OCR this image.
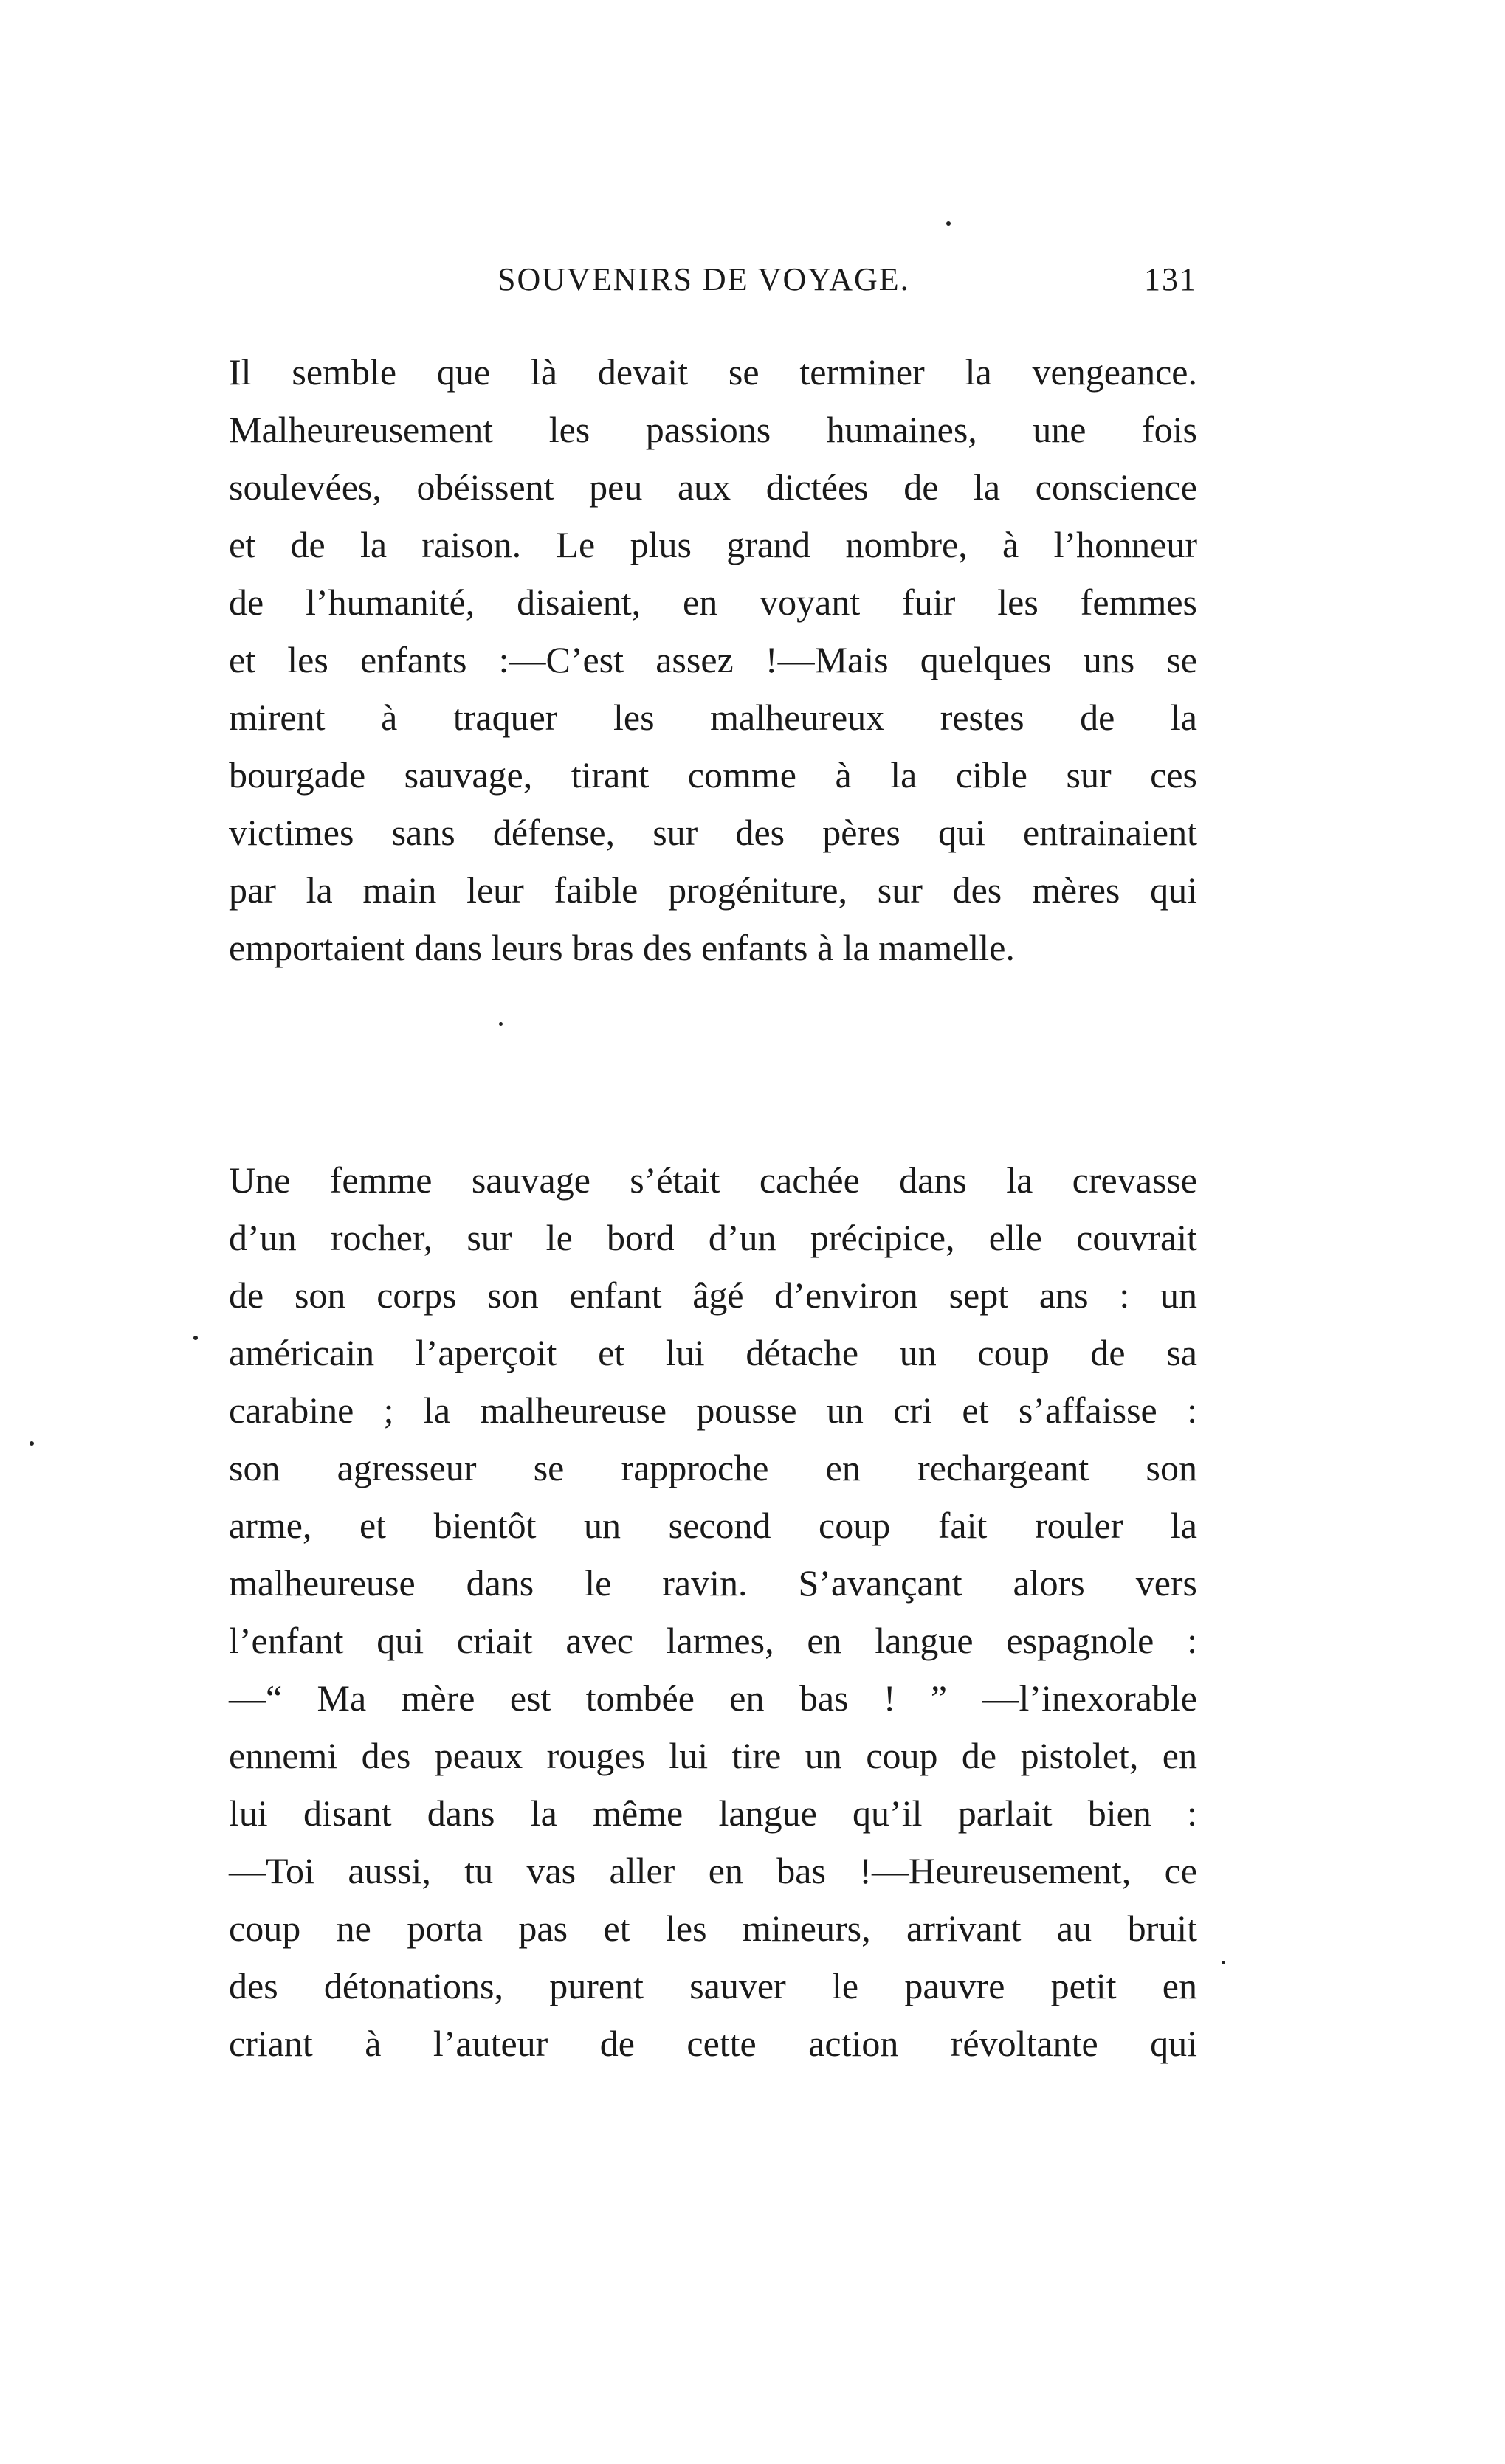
SOUVENIRS DE VOYAGE.	131
Il semble que là devait se terminer la vengeance.
Malheureusement les passions humaines, une fois
soulevées, obéissent peu aux dictées de la conscience
et de la raison. Le plus grand nombre, à l’honneur
de l’humanité, disaient, en voyant fuir les femmes
et les enfants :—C’est assez !—Mais quelques uns se
mirent à traquer les malheureux restes de la
bourgade sauvage, tirant comme à la cible sur ces
victimes sans défense, sur des pères qui entrainaient
par la main leur faible progéniture, sur des mères qui
emportaient dans leurs bras des enfants à la mamelle.
Une femme sauvage s’était cachée dans la crevasse
d’un rocher, sur le bord d’un précipice, elle couvrait
de son corps son enfant âgé d’environ sept ans : un
américain l’aperçoit et lui détache un coup de sa
carabine ; la malheureuse pousse un cri et s’affaisse :
son agresseur se rapproche en rechargeant son
arme, et bientôt un second coup fait rouler la
malheureuse dans le ravin. S’avançant alors vers
l’enfant qui criait avec larmes, en langue espagnole :
—“ Ma mère est tombée en bas ! ” —l’inexorable
ennemi des peaux rouges lui tire un coup de pistolet, en
lui disant dans la même langue qu’il parlait bien :
—Toi aussi, tu vas aller en bas !—Heureusement, ce
coup ne porta pas et les mineurs, arrivant au bruit
des détonations, purent sauver le pauvre petit en
criant à l’auteur de cette action révoltante qui
